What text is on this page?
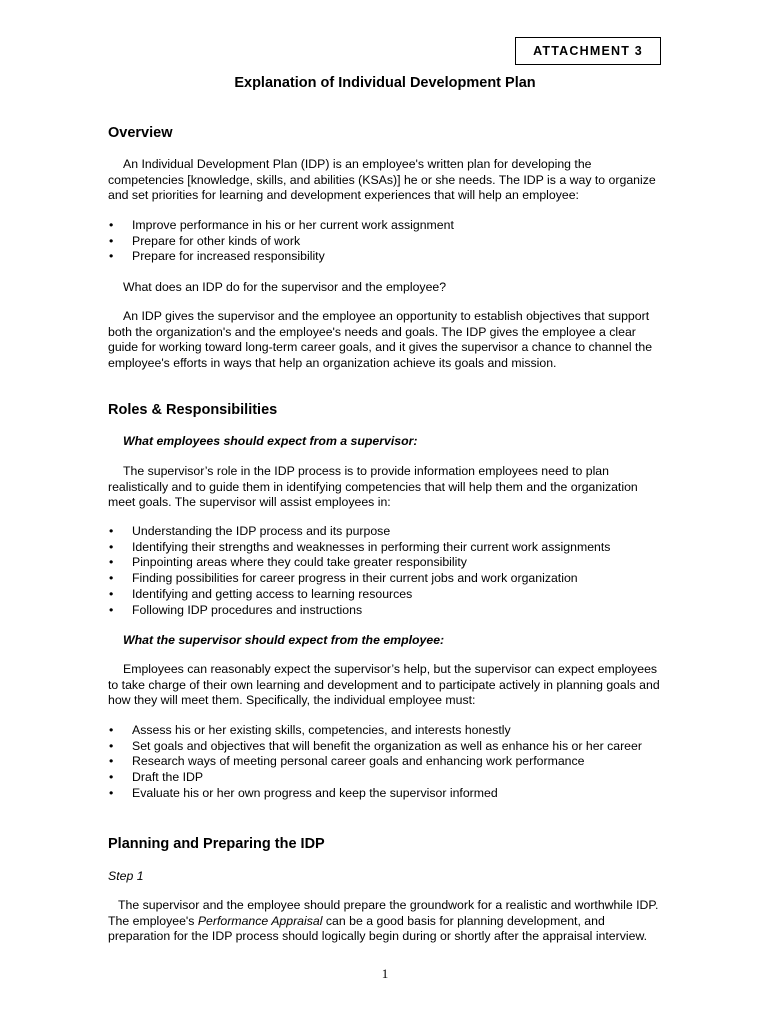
ATTACHMENT 3
Explanation of Individual Development Plan
Overview

An Individual Development Plan (IDP) is an employee's written plan for developing the competencies [knowledge, skills, and abilities (KSAs)] he or she needs. The IDP is a way to organize and set priorities for learning and development experiences that will help an employee:

• Improve performance in his or her current work assignment
• Prepare for other kinds of work
• Prepare for increased responsibility

What does an IDP do for the supervisor and the employee?

An IDP gives the supervisor and the employee an opportunity to establish objectives that support both the organization's and the employee's needs and goals. The IDP gives the employee a clear guide for working toward long-term career goals, and it gives the supervisor a chance to channel the employee's efforts in ways that help an organization achieve its goals and mission.

Roles & Responsibilities

What employees should expect from a supervisor:

The supervisor’s role in the IDP process is to provide information employees need to plan realistically and to guide them in identifying competencies that will help them and the organization meet goals. The supervisor will assist employees in:

• Understanding the IDP process and its purpose
• Identifying their strengths and weaknesses in performing their current work assignments
• Pinpointing areas where they could take greater responsibility
• Finding possibilities for career progress in their current jobs and work organization
• Identifying and getting access to learning resources
• Following IDP procedures and instructions

What the supervisor should expect from the employee:

Employees can reasonably expect the supervisor’s help, but the supervisor can expect employees to take charge of their own learning and development and to participate actively in planning goals and how they will meet them. Specifically, the individual employee must:

• Assess his or her existing skills, competencies, and interests honestly
• Set goals and objectives that will benefit the organization as well as enhance his or her career
• Research ways of meeting personal career goals and enhancing work performance
• Draft the IDP
• Evaluate his or her own progress and keep the supervisor informed
Planning and Preparing the IDP

Step 1

The supervisor and the employee should prepare the groundwork for a realistic and worthwhile IDP. The employee's Performance Appraisal can be a good basis for planning development, and preparation for the IDP process should logically begin during or shortly after the appraisal interview.

1
